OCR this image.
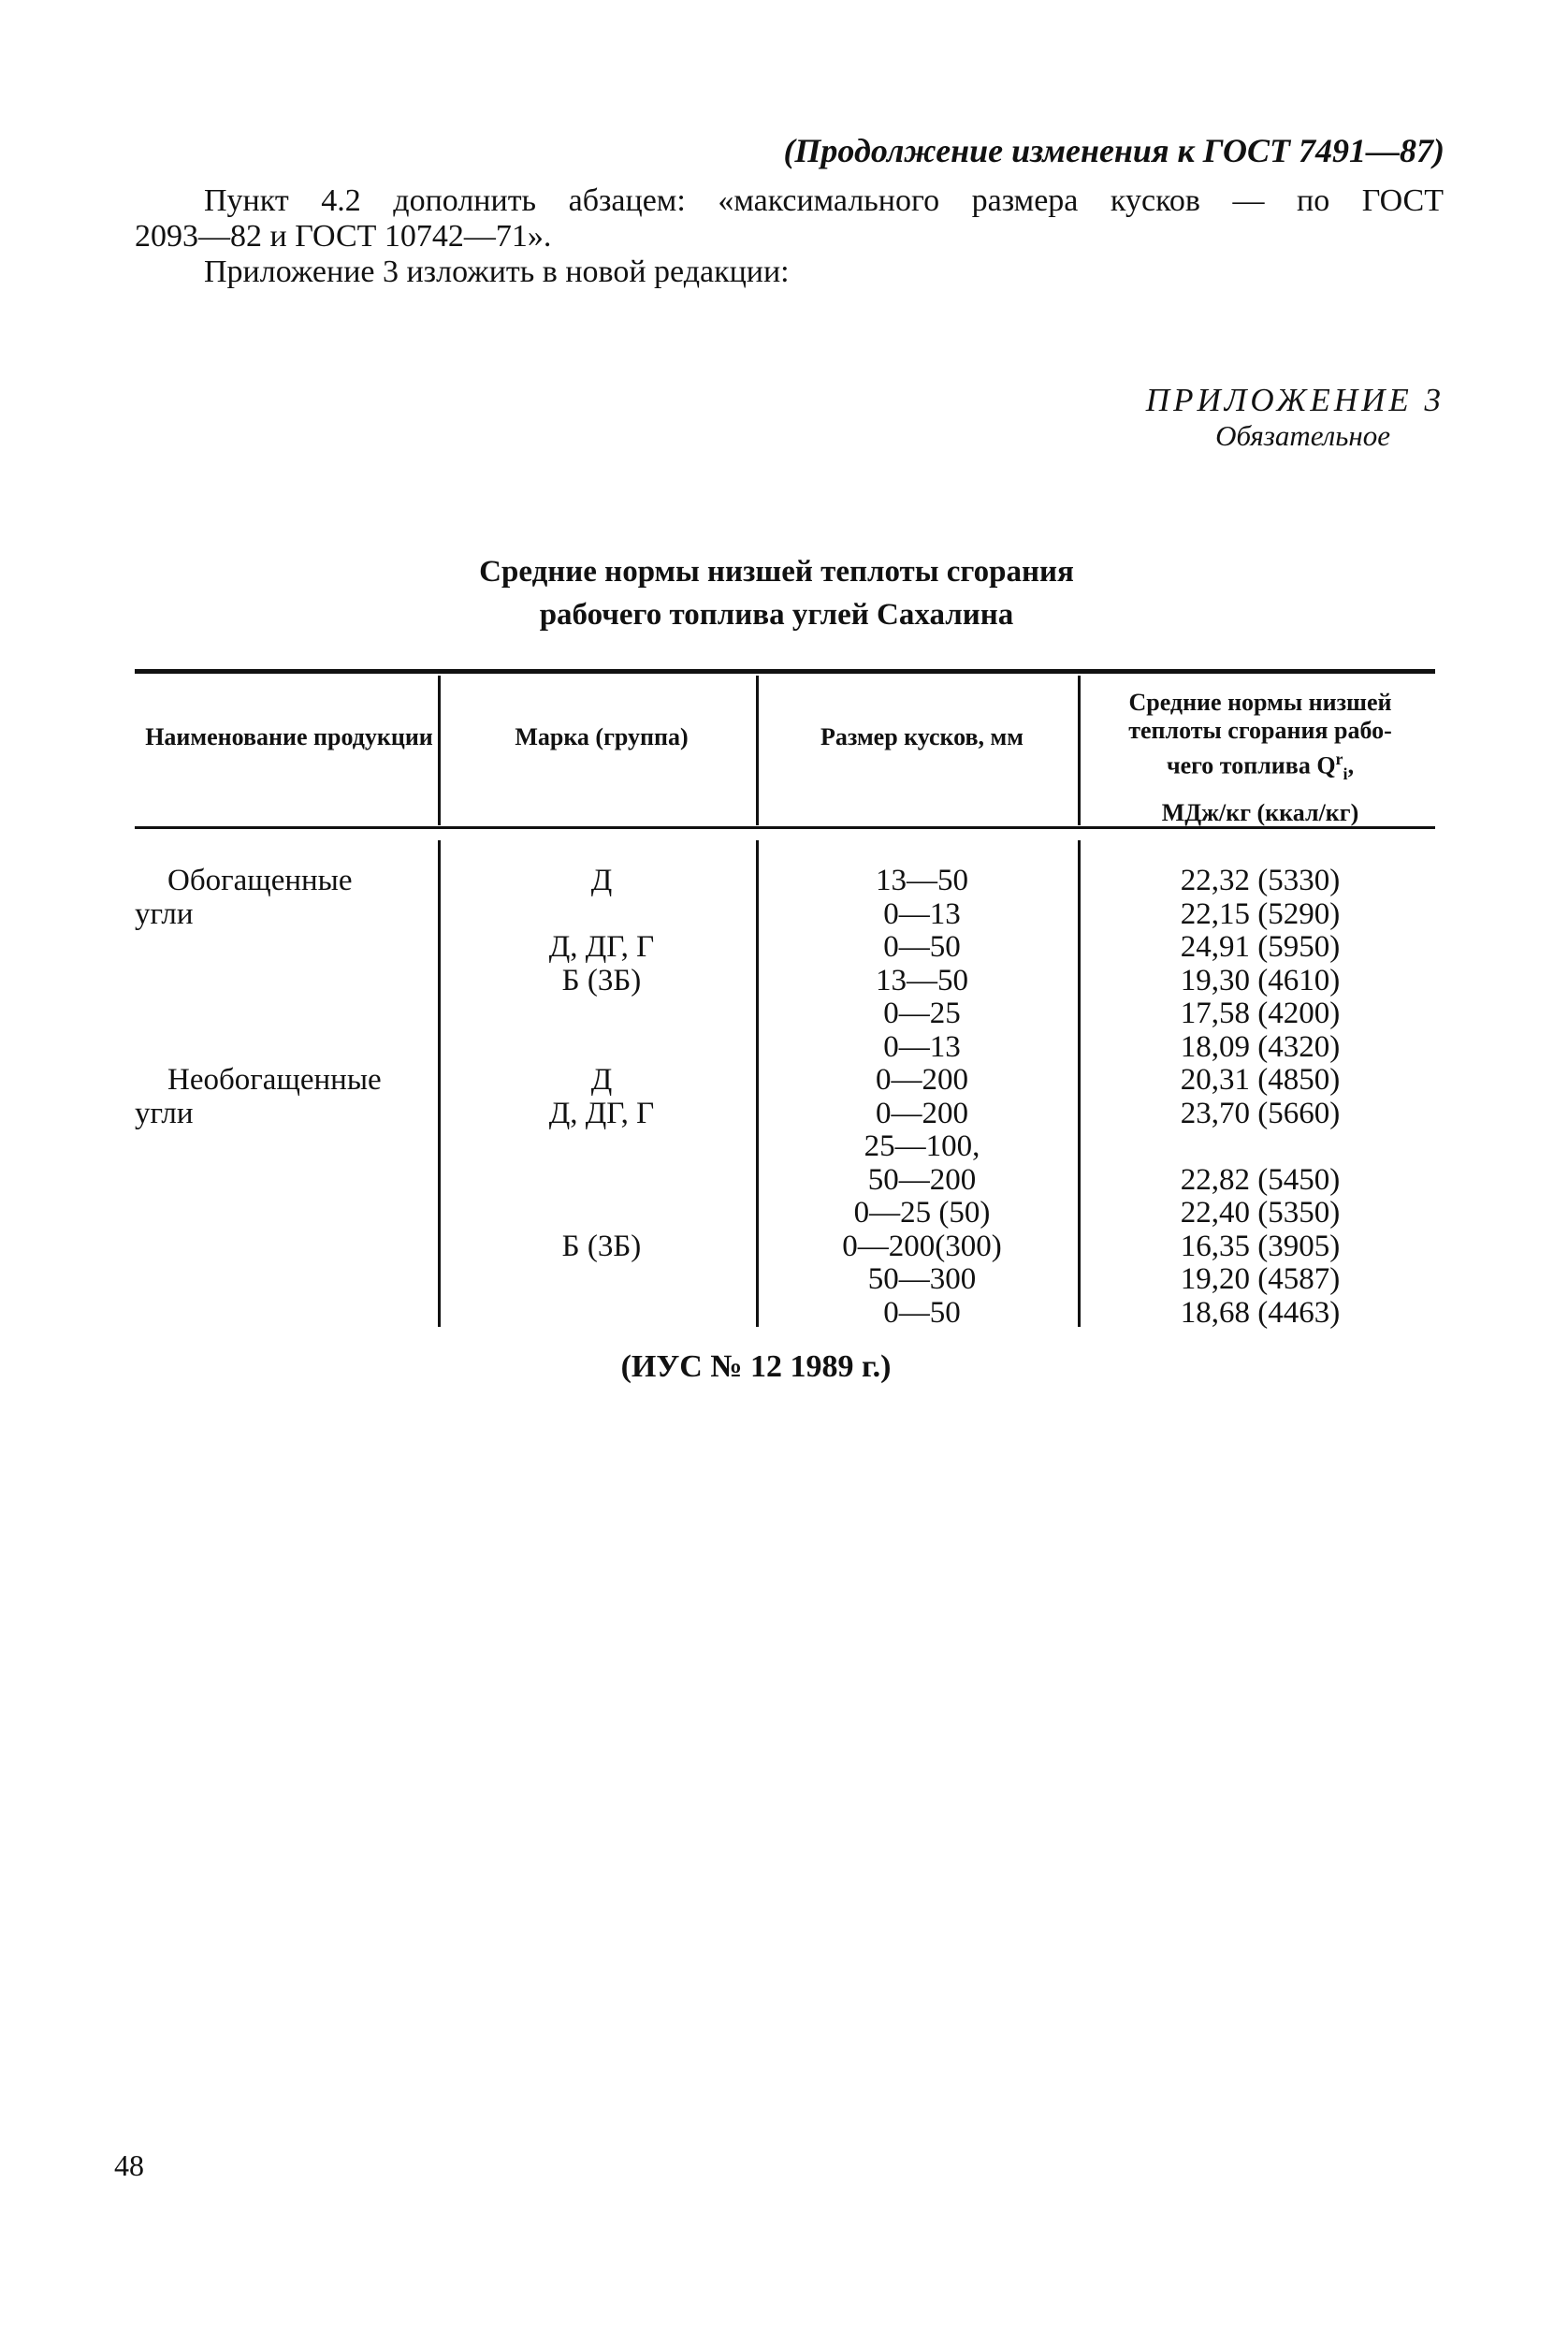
(Продолжение изменения к ГОСТ 7491—87)
Пункт 4.2 дополнить абзацем: «максимального размера кусков — по ГОСТ
2093—82 и ГОСТ 10742—71».
Приложение 3 изложить в новой редакции:
ПРИЛОЖЕНИЕ 3
Обязательное
Средние нормы низшей теплоты сгорания
рабочего топлива углей Сахалина
Наименование продукции	Марка (группа)	Размер кусков, мм
Средние нормы низшей
теплоты сгорания рабо-
чего топлива $Q^r_i$,
МДж/кг (ккал/кг)
Обогащенные
угли
Необогащенные
угли
Д
Д, ДГ, Г
Б (3Б)
Д
Д, ДГ, Г
Б (3Б)
13—50
0—13
0—50
13—50
0—25
0—13
0—200
0—200
25—100,
50—200
0—25 (50)
0—200(300)
50—300
0—50
22,32 (5330)
22,15 (5290)
24,91 (5950)
19,30 (4610)
17,58 (4200)
18,09 (4320)
20,31 (4850)
23,70 (5660)
22,82 (5450)
22,40 (5350)
16,35 (3905)
19,20 (4587)
18,68 (4463)
(ИУС № 12 1989 г.)
48
